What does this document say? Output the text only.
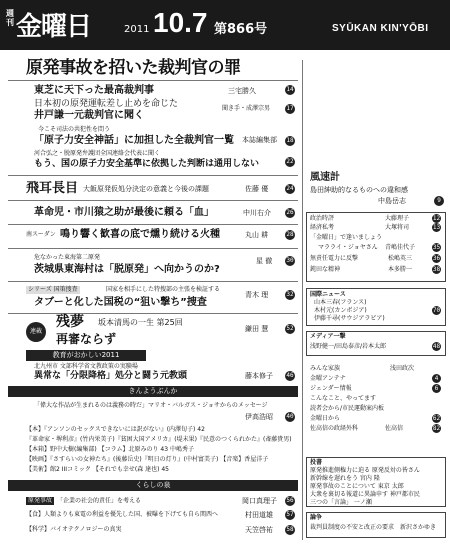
週刊 金曜日	2011 10.7 第866号	SYŪKAN KIN'YŌBI
原発事故を招いた裁判官の罪
東芝に天下った最高裁判事	三宅勝久	14
日本初の原発運転差し止めを命じた
井戸謙一元裁判官に聞く
聞き手・成澤宗男	17
今こそ司法の共犯性を問う
「原子力安全神話」に加担した全裁判官一覧 本誌編集部 18
河合弘之・脱原発弁護団全国連絡会代表に聞く
もう、国の原子力安全基準に依拠した判断は通用しない	22
飛耳長目 大飯原発仮処分決定の意義と今後の課題	佐藤 優	24
革命児・市川猿之助が最後に頼る「血」	中川右介	26
南スーダン 鳴り響く歓喜の底で燻り続ける火種	丸山 耕	28
危なかった東海第二原発
茨城県東海村は「脱原発」へ向かうのか?
星 徹 30
シリーズ 国策捜査	国家を相手にした特捜部の主張を検証する
タブーと化した国税の“狙い撃ち”捜査
青木 理	32
連載
残夢 坂本清馬の一生 第25回
再審ならず
鎌田 慧	52
教育がおかしい2011
北九州市 文部科学省文教政策の実験場
異常な「分限降格」処分と闘う元教頭	藤本修子 46
きんようぶんか
「偉大な作品が生まれるのは義務の時だ」マリオ・バルガス・ジョサからのメッセージ
伊高浩昭 40
【本】『アンソンのセックスできないには訳がない』(内澤旬子) 42
『革命家・堺利彦』(竹内栄美子)『貧困大国アメリカ』(堤未果)『民意のつくられかた』(斎藤貴男)
【本箱】野中大樹(編集部) 【コラム】北原みのり 43 中嶋秀子
【映画】『さすらいの女神たち』(後藤岳史)『明日の灯り』(中村富美子) 【音楽】香屋洋子
【美術】館2 IIIコミック 【それでも幸せ(森 達也) 45
くらしの泉
原発事故 「企業の社会的責任」を考える	岡口真理子 56
【食】人類よりも東電の利益を優先した国、被曝を下げても自ら関西へ	村田道雄 57
【科学】バイオテクノロジーの真実	天笠啓祐 58
風速計
島田紳助的なるものへの違和感
中島岳志	9
政治時評	大藤理子	12
経済私考	大塚将司	13
「金曜日」で逢いましょう
マラライ・ジョヤさん 青嶋佳代子	35
無責任電力に反撃	松嶋英三	36
鈍田な精神	本多勝一	38
国際ニュース
山本三春(フランス)
木村元(カンボジア)	70
伊藤千尋(サウジアラビア)
メディア一撃
浅野健一/田島泰彦/岩本太郎	48
みんな家族	浅田政次
金曜アンテナ	4
ジェンダー情報	6
こんなこと、やってます
読者会から/市民運動案内板
金曜日から	62
佐高信の政経外科	佐高信	82
投書
原発推進側権力に迫る 原発反対の皆さん
新幹線を遅れをう 宮内 隆
原発事故のことについて 東京 太郎
大衆を裏切る報道に異論申す 神戸都市民
三つの「言論」 一ノ瀬
論争
裁判員制度の不安と改正の要求 新沢さかゆき
